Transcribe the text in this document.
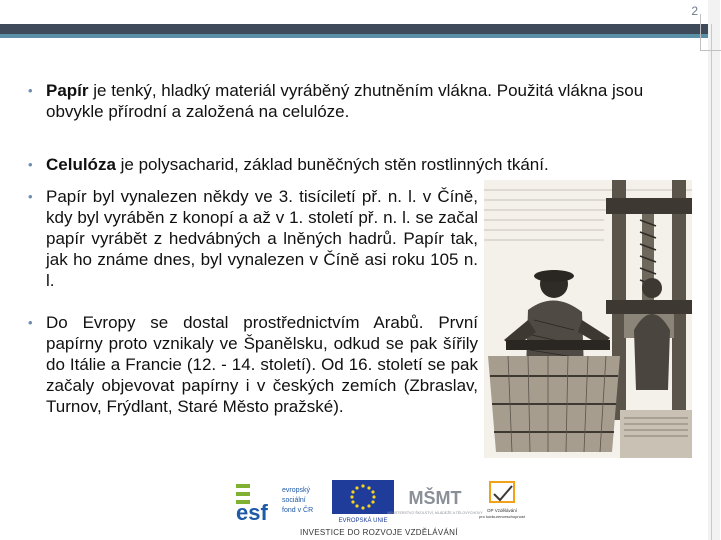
2
• Papír je tenký, hladký materiál vyráběný zhutněním vlákna. Použitá vlákna jsou obvykle přírodní a založená na celulóze.
• Celulóza je polysacharid, základ buněčných stěn rostlinných tkání.
• Papír byl vynalezen někdy ve 3. tisíciletí př. n. l. v Číně, kdy byl vyráběn z konopí a až v 1. století př. n. l. se začal papír vyrábět z hedvábných a lněných hadrů. Papír tak, jak ho známe dnes, byl vynalezen v Číně asi roku 105 n. l.
• Do Evropy se dostal prostřednictvím Arabů. První papírny proto vznikaly ve Španělsku, odkud se pak šířily do Itálie a Francie (12. - 14. století). Od 16. století se pak začaly objevovat papírny i v českých zemích (Zbraslav, Turnov, Frýdlant, Staré Město pražské).
esf
evropský
sociální
fond v ČR
EVROPSKÁ UNIE
MŠMT
MINISTERSTVO ŠKOLSTVÍ, MLÁDEŽE A TĚLOVÝCHOVY OP Vzdělávání
pro konkurenceschopnost
INVESTICE DO ROZVOJE VZDĚLÁVÁNÍ
